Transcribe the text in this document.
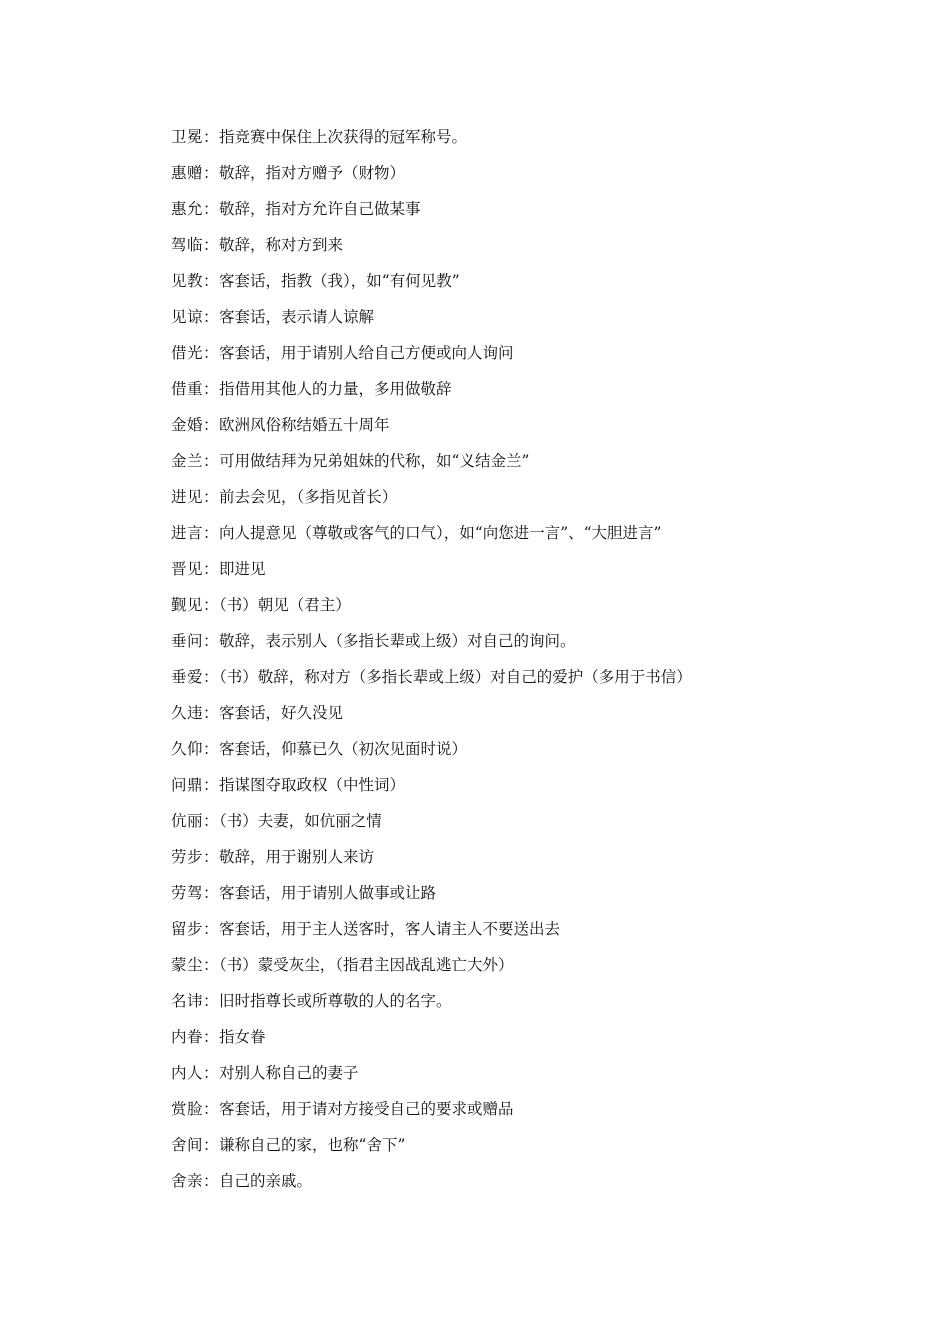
卫冕：指竞赛中保住上次获得的冠军称号。
惠赠：敬辞，指对方赠予（财物）
惠允：敬辞，指对方允许自己做某事
驾临：敬辞，称对方到来
见教：客套话，指教（我），如“有何见教”
见谅：客套话，表示请人谅解
借光：客套话，用于请别人给自己方便或向人询问
借重：指借用其他人的力量，多用做敬辞
金婚：欧洲风俗称结婚五十周年
金兰：可用做结拜为兄弟姐妹的代称，如“义结金兰”
进见：前去会见，（多指见首长）
进言：向人提意见（尊敬或客气的口气），如“向您进一言”、“大胆进言”
晋见：即进见
觐见：（书）朝见（君主）
垂问：敬辞，表示别人（多指长辈或上级）对自己的询问。
垂爱：（书）敬辞，称对方（多指长辈或上级）对自己的爱护（多用于书信）
久违：客套话，好久没见
久仰：客套话，仰慕已久（初次见面时说）
问鼎：指谋图夺取政权（中性词）
伉丽：（书）夫妻，如伉丽之情
劳步：敬辞，用于谢别人来访
劳驾：客套话，用于请别人做事或让路
留步：客套话，用于主人送客时，客人请主人不要送出去
蒙尘：（书）蒙受灰尘，（指君主因战乱逃亡大外）
名讳：旧时指尊长或所尊敬的人的名字。
内眷：指女眷
内人：对别人称自己的妻子
赏脸：客套话，用于请对方接受自己的要求或赠品
舍间：谦称自己的家，也称“舍下”
舍亲：自己的亲戚。
